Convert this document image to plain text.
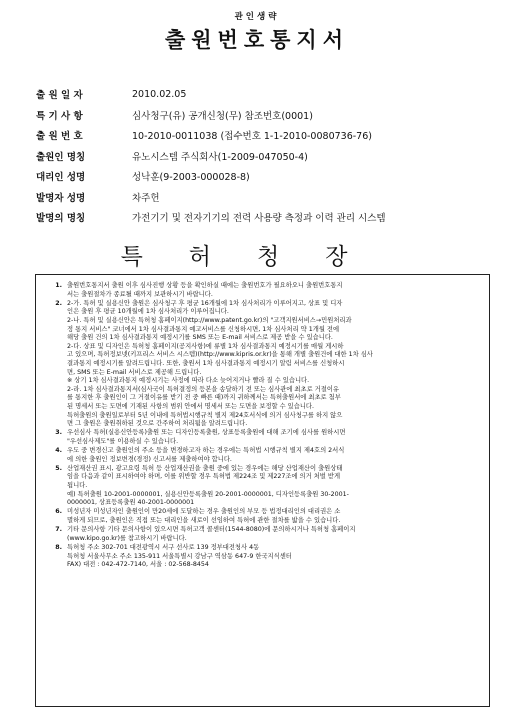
관인생략
출원번호통지서
출 원 일 자	2010.02.05
특 기 사 항	심사청구(유) 공개신청(무) 참조번호(0001)
출 원 번 호	10-2010-0011038 (접수번호 1-1-2010-0080736-76)
출원인 명칭	유노시스템 주식회사(1-2009-047050-4)
대리인 성명	성낙훈(9-2003-000028-8)
발명자 성명	차주헌
발명의 명칭	가전기기 및 전자기기의 전력 사용량 측정과 이력 관리 시스템
특허청장
1. 출원번호통지서 출원 이후 심사진행 상황 등을 확인하실 때에는 출원번호가 필요하오니 출원번호통지
서는 출원절차가 종료될 때까지 보관하시기 바랍니다.
2. 2-가. 특허 및 실용신안 출원은 심사청구 후 평균 16개월에 1차 심사처리가 이루어지고, 상표 및 디자
인은 출원 후 평균 10개월에 1차 심사처리가 이루어집니다.
2-나. 특허 및 실용신안은 특허청 홈페이지(http://www.patent.go.kr)의 "고객지원서비스→민원처리과
정 통지 서비스" 코너에서 1차 심사결과통지 예고서비스를 신청하시면, 1차 심사처리 약 1개월 전에
해당 출원 건의 1차 심사결과통지 예정시기를 SMS 또는 E-mail 서비스로 제공 받을 수 있습니다.
2-다. 상표 및 디자인은 특허청 홈페이지(공지사항)에 류별 1차 심사결과통지 예정시기를 매월 게시하
고 있으며, 특허정보넷(키프리스 서비스 시스템)(http://www.kipris.or.kr)을 통해 개별 출원건에 대한 1차 심사
결과통지 예정시기를 알려드립니다. 또한, 출원서 1차 심사결과통지 예정시기 알림 서비스를 신청하시
면, SMS 또는 E-mail 서비스로 제공해 드립니다.
※ 상기 1차 심사결과통지 예정시기는 사정에 따라 다소 늦어지거나 빨라 질 수 있습니다.
2-라. 1차 심사결과통지서(심사국이 특허결정의 등본을 송달하기 전 또는 심사관에 최초로 거절이유
를 통지한 후 출원인이 그 거절이유를 받기 전 중 빠른 때)까지 귀하께서는 특허출원서에 최초로 첨부
된 명세서 또는 도면에 기재된 사항의 범위 안에서 명세서 또는 도면을 보정할 수 있습니다.
특허출원의 출원일로부터 5년 이내에 특허법시행규칙 별지 제24호서식에 의거 심사청구를 하지 않으
면 그 출원은 출원취하된 것으로 간주하여 처리됨을 알려드립니다.
3. 우선심사 특허(실용신안등록)출원 또는 디자인등록출원, 상표등록출원에 대해 조기에 심사를 원하시면
"우선심사제도"를 이용하실 수 있습니다.
4. 우도 중 변경신고 출원인의 주소 등을 변경하고자 하는 경우에는 특허법 시행규칙 별지 제4호의 2서식
에 의한 출원인 정보변경(경정) 신고서를 제출하여야 합니다.
5. 산업재산권 표시, 광고요령 특허 등 산업재산권을 출원 중에 있는 경우에는 해당 산업재산이 출원상태
임을 다음과 같이 표시하여야 하며, 이를 위반할 경우 특허법 제224조 및 제227조에 의거 처벌 받게
됩니다.
예) 특허출원 10-2001-0000001, 실용신안등록출원 20-2001-0000001, 디자인등록출원 30-2001-
0000001, 상표등록출원 40-2001-0000001
6. 미성년자 미성년자인 출원인이 만20세에 도달하는 경우 출원인의 부모 등 법정대리인의 대리권은 소
멸하게 되므로, 출원인은 직접 또는 대리인을 새로이 선임하여 특허에 관한 절차를 밟을 수 있습니다.
7. 기타 문의사항 기타 문의사항이 있으시면 특허고객 콜센터(1544-8080)에 문의하시거나 특허청 홈페이지
(www.kipo.go.kr)를 참고하시기 바랍니다.
8. 특허청 주소 302-701 대전광역시 서구 선사로 139 정부대전청사 4동
특허청 서울사무소 주소 135-911 서울특별시 강남구 역삼동 647-9 한국지식센터
FAX) 대전 : 042-472-7140, 서울 : 02-568-8454
